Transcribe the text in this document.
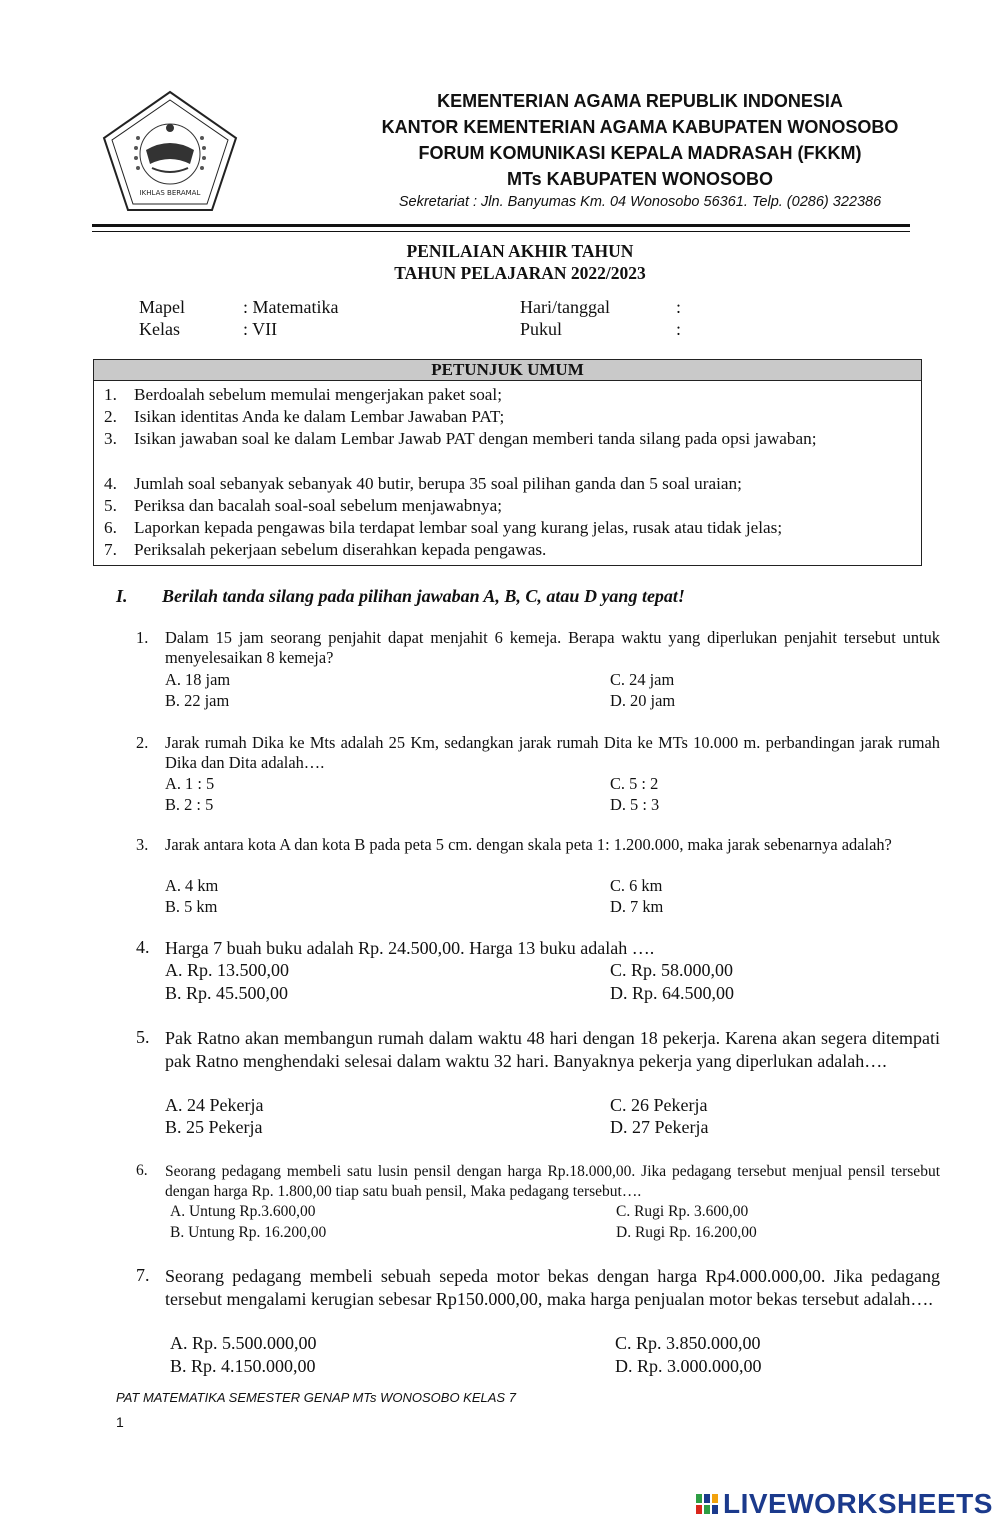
IKHLAS BERAMAL
KEMENTERIAN AGAMA REPUBLIK INDONESIA
KANTOR KEMENTERIAN AGAMA KABUPATEN WONOSOBO
FORUM KOMUNIKASI KEPALA MADRASAH (FKKM)
MTs KABUPATEN WONOSOBO
Sekretariat : Jln. Banyumas Km. 04 Wonosobo 56361. Telp. (0286) 322386
PENILAIAN AKHIR TAHUN
TAHUN PELAJARAN 2022/2023
Mapel	: Matematika
Kelas	: VII
Hari/tanggal	:
Pukul	:
PETUNJUK UMUM
1. Berdoalah sebelum memulai mengerjakan paket soal;
2. Isikan identitas Anda ke dalam Lembar Jawaban PAT;
3. Isikan jawaban soal ke dalam Lembar Jawab PAT dengan memberi tanda silang pada opsi jawaban;
4. Jumlah soal sebanyak sebanyak 40 butir, berupa 35 soal pilihan ganda dan 5 soal uraian;
5. Periksa dan bacalah soal-soal sebelum menjawabnya;
6. Laporkan kepada pengawas bila terdapat lembar soal yang kurang jelas, rusak atau tidak jelas;
7. Periksalah pekerjaan sebelum diserahkan kepada pengawas.
I. Berilah tanda silang pada pilihan jawaban A, B, C, atau D yang tepat!
1. Dalam 15 jam seorang penjahit dapat menjahit 6 kemeja. Berapa waktu yang diperlukan penjahit tersebut untuk menyelesaikan 8 kemeja?
A. 18 jam
B. 22 jam
C. 24 jam
D. 20 jam
2. Jarak rumah Dika ke Mts adalah 25 Km, sedangkan jarak rumah Dita ke MTs 10.000 m. perbandingan jarak rumah Dika dan Dita adalah….
A. 1 : 5
B. 2 : 5
C. 5 : 2
D. 5 : 3
3. Jarak antara kota A dan kota B pada peta 5 cm. dengan skala peta 1: 1.200.000, maka jarak sebenarnya adalah?
A. 4 km
B. 5 km
C. 6 km
D. 7 km
4. Harga 7 buah buku adalah Rp. 24.500,00. Harga 13 buku adalah ….
A. Rp. 13.500,00
B. Rp. 45.500,00
C. Rp. 58.000,00
D. Rp. 64.500,00
5. Pak Ratno akan membangun rumah dalam waktu 48 hari dengan 18 pekerja. Karena akan segera ditempati pak Ratno menghendaki selesai dalam waktu 32 hari. Banyaknya pekerja yang diperlukan adalah….
A. 24 Pekerja
B. 25 Pekerja
C. 26 Pekerja
D. 27 Pekerja
6. Seorang pedagang membeli satu lusin pensil dengan harga Rp.18.000,00. Jika pedagang tersebut menjual pensil tersebut dengan harga Rp. 1.800,00 tiap satu buah pensil, Maka pedagang tersebut….
A. Untung Rp.3.600,00
B. Untung Rp. 16.200,00
C. Rugi Rp. 3.600,00
D. Rugi Rp. 16.200,00
7. Seorang pedagang membeli sebuah sepeda motor bekas dengan harga Rp4.000.000,00. Jika pedagang tersebut mengalami kerugian sebesar Rp150.000,00, maka harga penjualan motor bekas tersebut adalah….
A. Rp. 5.500.000,00
B. Rp. 4.150.000,00
C. Rp. 3.850.000,00
D. Rp. 3.000.000,00
PAT MATEMATIKA SEMESTER GENAP MTs WONOSOBO KELAS 7
1
LIVEWORKSHEETS
